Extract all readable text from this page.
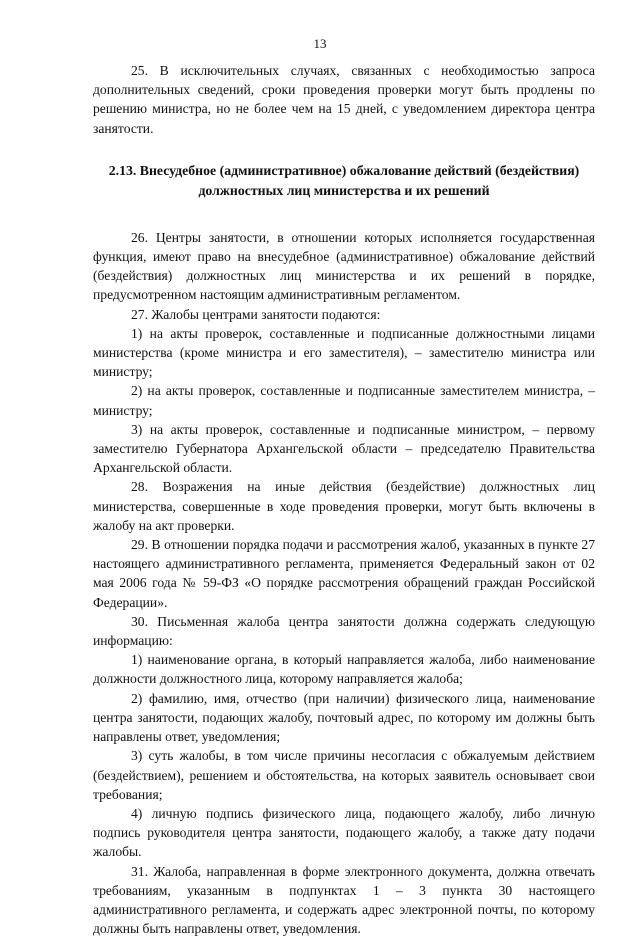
13

25. В исключительных случаях, связанных с необходимостью запроса дополнительных сведений, сроки проведения проверки могут быть продлены по решению министра, но не более чем на 15 дней, с уведомлением директора центра занятости.

2.13. Внесудебное (административное) обжалование действий (бездействия) должностных лиц министерства и их решений

26. Центры занятости, в отношении которых исполняется государственная функция, имеют право на внесудебное (административное) обжалование действий (бездействия) должностных лиц министерства и их решений в порядке, предусмотренном настоящим административным регламентом.

27. Жалобы центрами занятости подаются:

1) на акты проверок, составленные и подписанные должностными лицами министерства (кроме министра и его заместителя), – заместителю министра или министру;

2) на акты проверок, составленные и подписанные заместителем министра, – министру;

3) на акты проверок, составленные и подписанные министром, – первому заместителю Губернатора Архангельской области – председателю Правительства Архангельской области.

28. Возражения на иные действия (бездействие) должностных лиц министерства, совершенные в ходе проведения проверки, могут быть включены в жалобу на акт проверки.

29. В отношении порядка подачи и рассмотрения жалоб, указанных в пункте 27 настоящего административного регламента, применяется Федеральный закон от 02 мая 2006 года № 59-ФЗ «О порядке рассмотрения обращений граждан Российской Федерации».

30. Письменная жалоба центра занятости должна содержать следующую информацию:

1) наименование органа, в который направляется жалоба, либо наименование должности должностного лица, которому направляется жалоба;

2) фамилию, имя, отчество (при наличии) физического лица, наименование центра занятости, подающих жалобу, почтовый адрес, по которому им должны быть направлены ответ, уведомления;

3) суть жалобы, в том числе причины несогласия с обжалуемым действием (бездействием), решением и обстоятельства, на которых заявитель основывает свои требования;

4) личную подпись физического лица, подающего жалобу, либо личную подпись руководителя центра занятости, подающего жалобу, а также дату подачи жалобы.

31. Жалоба, направленная в форме электронного документа, должна отвечать требованиям, указанным в подпунктах 1 – 3 пункта 30 настоящего административного регламента, и содержать адрес электронной почты, по которому должны быть направлены ответ, уведомления.
